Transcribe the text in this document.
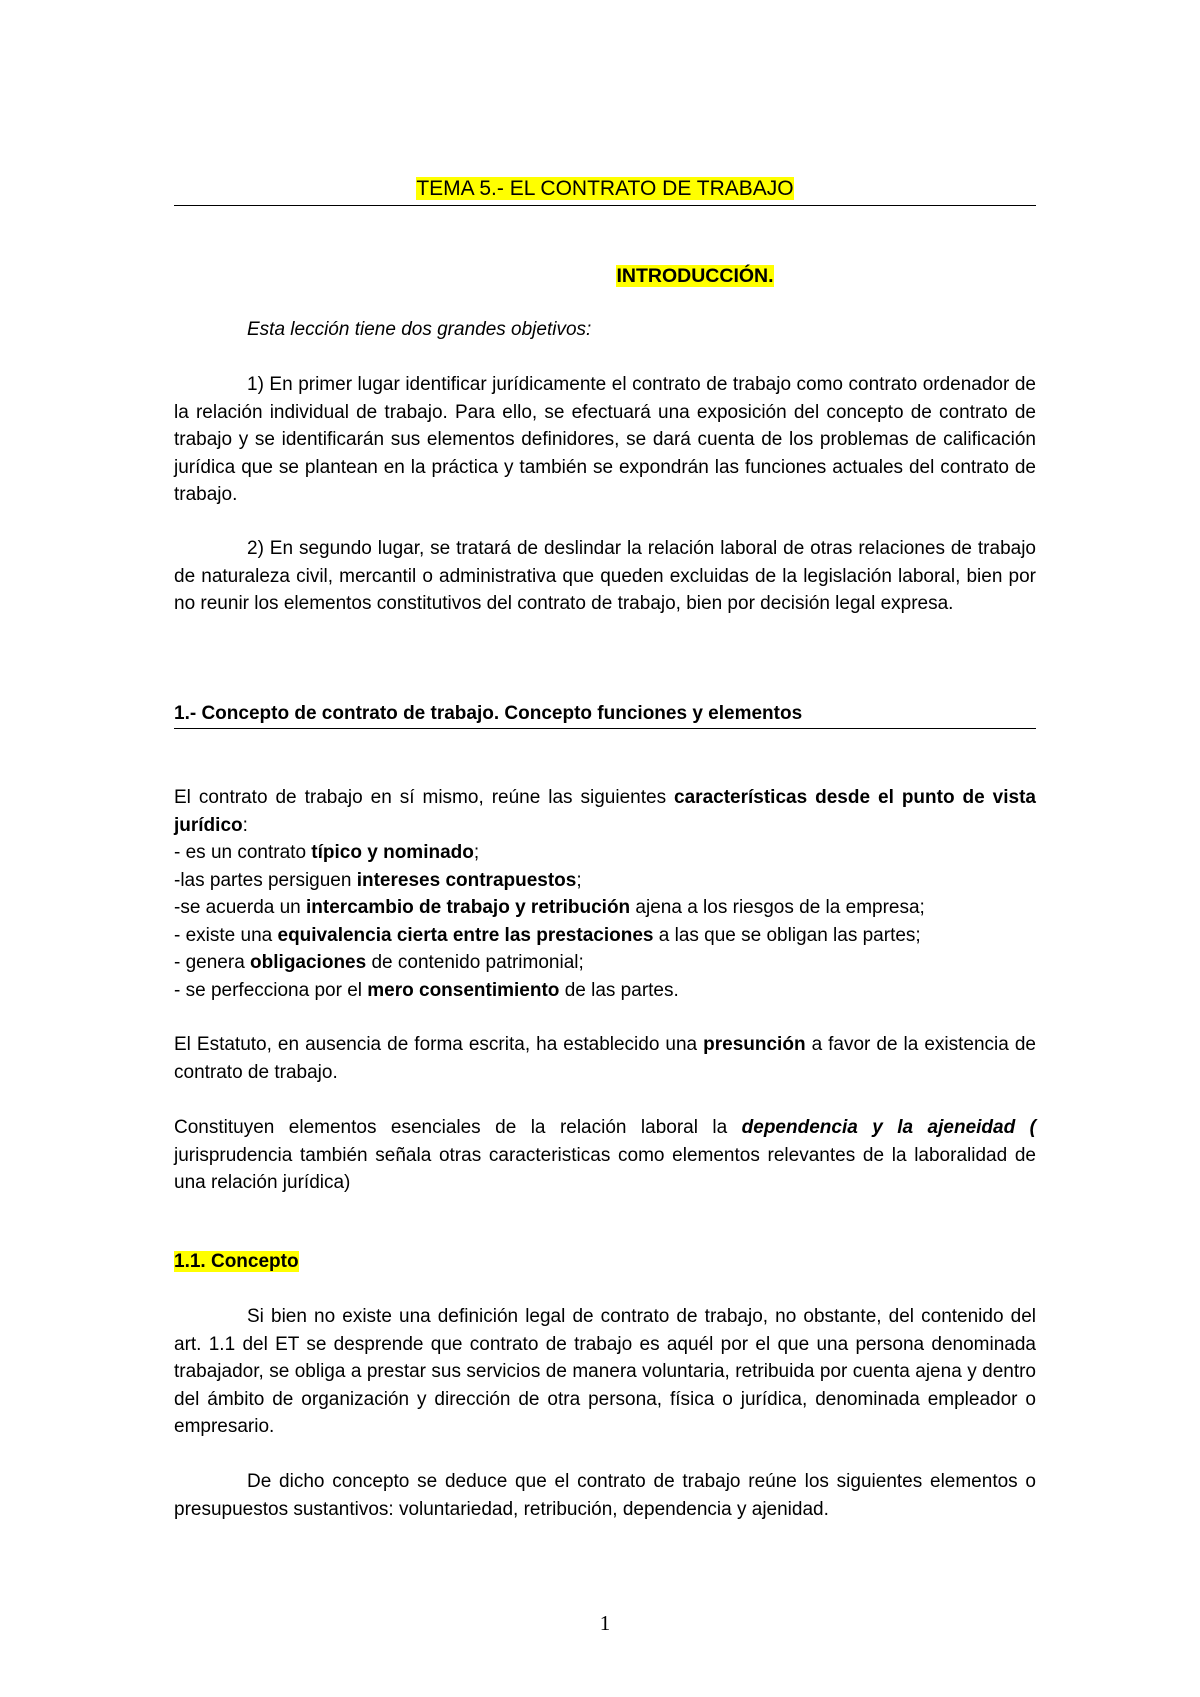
TEMA 5.- EL CONTRATO DE TRABAJO
INTRODUCCIÓN.
Esta lección tiene dos grandes objetivos:
1) En primer lugar identificar jurídicamente el contrato de trabajo como contrato ordenador de la relación individual de trabajo. Para ello, se efectuará una exposición del concepto de contrato de trabajo y se identificarán sus elementos definidores, se dará cuenta de los problemas de calificación jurídica que se plantean en la práctica y también se expondrán las funciones actuales del contrato de trabajo.
2) En segundo lugar, se tratará de deslindar la relación laboral de otras relaciones de trabajo de naturaleza civil, mercantil o administrativa que queden excluidas de la legislación laboral, bien por no reunir los elementos constitutivos del contrato de trabajo, bien por decisión legal expresa.
1.- Concepto de contrato de trabajo. Concepto funciones y elementos
El contrato de trabajo en sí mismo, reúne las siguientes características desde el punto de vista jurídico:
- es un contrato típico y nominado;
-las partes persiguen intereses contrapuestos;
-se acuerda un intercambio de trabajo y retribución ajena a los riesgos de la empresa;
- existe una equivalencia cierta entre las prestaciones a las que se obligan las partes;
- genera obligaciones de contenido patrimonial;
- se perfecciona por el mero consentimiento de las partes.
El Estatuto, en ausencia de forma escrita, ha establecido una presunción a favor de la existencia de contrato de trabajo.
Constituyen elementos esenciales de la relación laboral la dependencia y la ajeneidad ( jurisprudencia también señala otras caracteristicas como elementos relevantes de la laboralidad de una relación jurídica)
1.1. Concepto
Si bien no existe una definición legal de contrato de trabajo, no obstante, del contenido del art. 1.1 del ET se desprende que contrato de trabajo es aquél por el que una persona denominada trabajador, se obliga a prestar sus servicios de manera voluntaria, retribuida por cuenta ajena y dentro del ámbito de organización y dirección de otra persona, física o jurídica, denominada empleador o empresario.
De dicho concepto se deduce que el contrato de trabajo reúne los siguientes elementos o presupuestos sustantivos: voluntariedad, retribución, dependencia y ajenidad.
1
